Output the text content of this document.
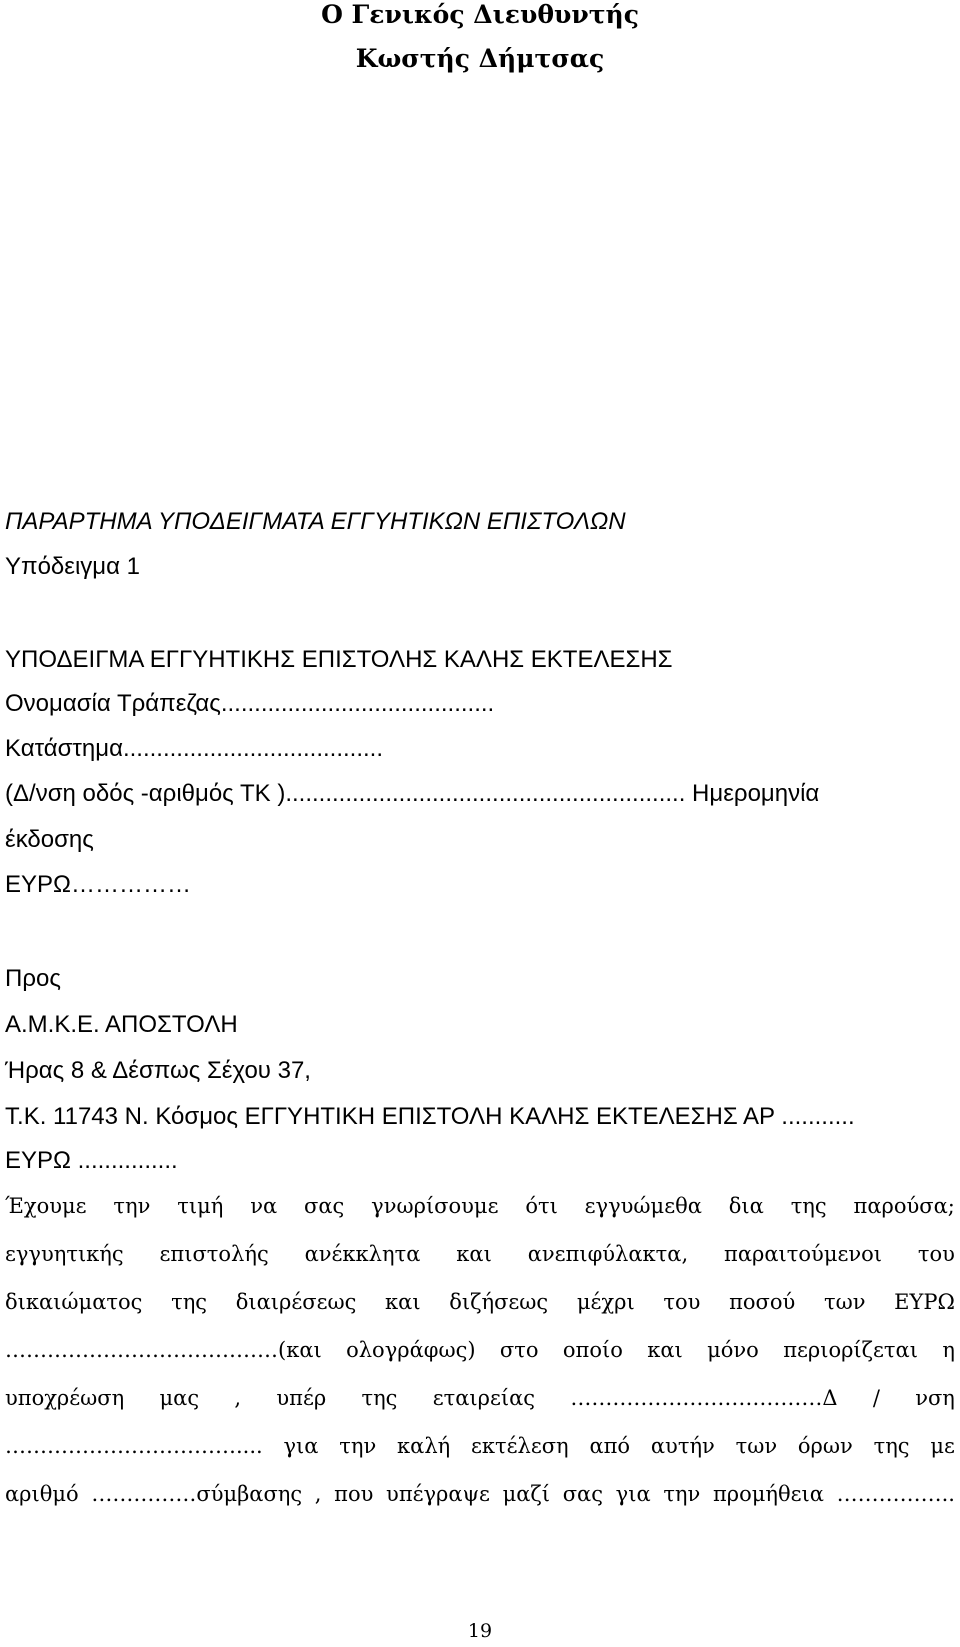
Ο Γενικός Διευθυντής
Κωστής Δήμτσας
ΠΑΡΑΡΤΗΜΑ ΥΠΟΔΕΙΓΜΑΤΑ ΕΓΓΥΗΤΙΚΩΝ ΕΠΙΣΤΟΛΩΝ
Υπόδειγμα 1
ΥΠΟΔΕΙΓΜΑ ΕΓΓΥΗΤΙΚΗΣ ΕΠΙΣΤΟΛΗΣ ΚΑΛΗΣ ΕΚΤΕΛΕΣΗΣ
Ονομασία Τράπεζας.........................................
Κατάστημα.......................................
(Δ/νση οδός -αριθμός ΤΚ )............................................................ Ημερομηνία
έκδοσης
ΕΥΡΩ……………
Προς
Α.Μ.Κ.Ε. ΑΠΟΣΤΟΛΗ
Ήρας 8 & Δέσπως Σέχου 37,
Τ.Κ. 11743 Ν. Κόσμος ΕΓΓΥΗΤΙΚΗ ΕΠΙΣΤΟΛΗ ΚΑΛΗΣ ΕΚΤΕΛΕΣΗΣ ΑΡ ...........
ΕΥΡΩ ...............
Έχουμε την τιμή να σας γνωρίσουμε ότι εγγυώμεθα δια της παρούσα;
εγγυητικής επιστολής ανέκκλητα και ανεπιφύλακτα, παραιτούμενοι του
δικαιώματος της διαιρέσεως και διζήσεως μέχρι του ποσού των ΕΥΡΩ
…………………………………(και ολογράφως) στο οποίο και μόνο περιορίζεται η
υποχρέωση μας , υπέρ της εταιρείας ………………………………Δ / νση
…………………………….... για την καλή εκτέλεση από αυτήν των όρων της με
αριθμό ……………σύμβασης , που υπέγραψε μαζί σας για την προμήθεια ……………..
19
